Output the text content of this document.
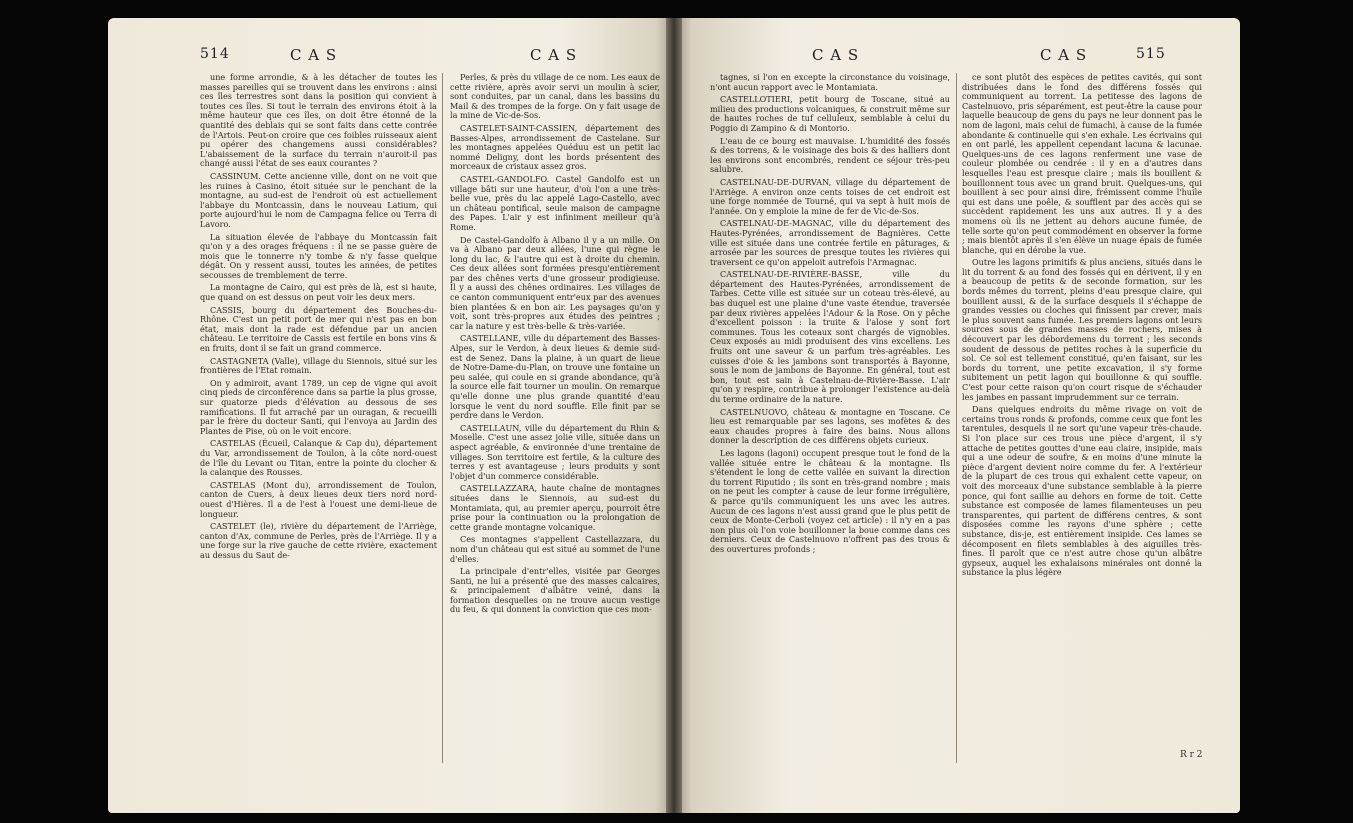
514	C A S	C A S	C A S	C A S	515

une forme arrondie, & à les détacher de toutes les masses pareilles qui se trouvent dans les environs : ainsi ces îles terrestres sont dans la position qui convient à toutes ces îles. Si tout le terrain des environs étoit à la même hauteur que ces îles, on doit être étonné de la quantité des deblais qui se sont faits dans cette contrée de l'Artois. Peut-on croire que ces foibles ruisseaux aient pu opérer des changemens aussi considérables? L'abaissement de la surface du terrain n'auroit-il pas changé aussi l'état de ses eaux courantes ?

CASSINUM. Cette ancienne ville, dont on ne voit que les ruines à Casino, étoit située sur le penchant de la montagne, au sud-est de l'endroit où est actuellement l'abbaye du Montcassin, dans le nouveau Latium, qui porte aujourd'hui le nom de Campagna felice ou Terra di Lavoro.

La situation élevée de l'abbaye du Montcassin fait qu'on y a des orages fréquens : il ne se passe guère de mois que le tonnerre n'y tombe & n'y fasse quelque dégât. On y ressent aussi, toutes les années, de petites secousses de tremblement de terre.

La montagne de Cairo, qui est près de là, est si haute, que quand on est dessus on peut voir les deux mers.

CASSIS, bourg du département des Bouches-du-Rhône. C'est un petit port de mer qui n'est pas en bon état, mais dont la rade est défendue par un ancien château. Le territoire de Cassis est fertile en bons vins & en fruits, dont il se fait un grand commerce.

CASTAGNETA (Valle), village du Siennois, situé sur les frontières de l'Etat romain.

On y admiroit, avant 1789, un cep de vigne qui avoit cinq pieds de circonférence dans sa partie la plus grosse, sur quatorze pieds d'élévation au dessous de ses ramifications. Il fut arraché par un ouragan, & recueilli par le frère du docteur Santi, qui l'envoya au Jardin des Plantes de Pise, où on le voit encore.

CASTELAS (Écueil, Calanque & Cap du), département du Var, arrondissement de Toulon, à la côte nord-ouest de l'île du Levant ou Titan, entre la pointe du clocher & la calanque des Rousses.

CASTELAS (Mont du), arrondissement de Toulon, canton de Cuers, à deux lieues deux tiers nord nord-ouest d'Hières. Il a de l'est à l'ouest une demi-lieue de longueur.

CASTELET (le), rivière du département de l'Arriège, canton d'Ax, commune de Perles, près de l'Arriège. Il y a une forge sur la rive gauche de cette rivière, exactement au dessus du Saut de-

Perles, & près du village de ce nom. Les eaux de cette rivière, après avoir servi un moulin à scier, sont conduites, par un canal, dans les bassins du Mail & des trompes de la forge. On y fait usage de la mine de Vic-de-Sos.

CASTELET-SAINT-CASSIEN, département des Basses-Alpes, arrondissement de Castelane. Sur les montagnes appelées Quéduu est un petit lac nommé Deligny, dont les bords présentent des morceaux de cristaux assez gros.

CASTEL-GANDOLFO. Castel Gandolfo est un village bâti sur une hauteur, d'où l'on a une très-belle vue, près du lac appelé Lago-Castello, avec un château pontifical, seule maison de campagne des Papes. L'air y est infiniment meilleur qu'à Rome.

De Castel-Gandolfo à Albano il y a un mille. On va à Albano par deux allées, l'une qui règne le long du lac, & l'autre qui est à droite du chemin. Ces deux allées sont formées presqu'entièrement par des chênes verts d'une grosseur prodigieuse. Il y a aussi des chênes ordinaires. Les villages de ce canton communiquent entr'eux par des avenues bien plantées & en bon air. Les paysages qu'on y voit, sont très-propres aux études des peintres ; car la nature y est très-belle & très-variée.

CASTELLANE, ville du département des Basses-Alpes, sur le Verdon, à deux lieues & demie sud-est de Senez. Dans la plaine, à un quart de lieue de Notre-Dame-du-Plan, on trouve une fontaine un peu salée, qui coule en si grande abondance, qu'à la source elle fait tourner un moulin. On remarque qu'elle donne une plus grande quantité d'eau lorsque le vent du nord souffle. Elle finit par se perdre dans le Verdon.

CASTELLAUN, ville du département du Rhin & Moselle. C'est une assez jolie ville, située dans un aspect agréable, & environnée d'une trentaine de villages. Son territoire est fertile, & la culture des terres y est avantageuse ; leurs produits y sont l'objet d'un commerce considérable.

CASTELLAZZARA, haute chaîne de montagnes situées dans le Siennois, au sud-est du Montamiata, qui, au premier aperçu, pourroit être prise pour la continuation ou la prolongation de cette grande montagne volcanique.

Ces montagnes s'appellent Castellazzara, du nom d'un château qui est situé au sommet de l'une d'elles.

La principale d'entr'elles, visitée par Georges Santi, ne lui a présenté que des masses calcaires, & principalement d'albâtre veiné, dans la formation desquelles on ne trouve aucun vestige du feu, & qui donnent la conviction que ces mon-

tagnes, si l'on en excepte la circonstance du voisinage, n'ont aucun rapport avec le Montamiata.

CASTELLOTIERI, petit bourg de Toscane, situé au milieu des productions volcaniques, & construit même sur de hautes roches de tuf celluleux, semblable à celui du Poggio di Zampino & di Montorio.

L'eau de ce bourg est mauvaise. L'humidité des fossés & des torrens, & le voisinage des bois & des halliers dont les environs sont encombrés, rendent ce séjour très-peu salubre.

CASTELNAU-DE-DURVAN, village du département de l'Arriège. A environ onze cents toises de cet endroit est une forge nommée de Tourné, qui va sept à huit mois de l'année. On y emploie la mine de fer de Vic-de-Sos.

CASTELNAU-DE-MAGNAC, ville du département des Hautes-Pyrénées, arrondissement de Bagnières. Cette ville est située dans une contrée fertile en pâturages, & arrosée par les sources de presque toutes les rivières qui traversent ce qu'on appeloit autrefois l'Armagnac.

CASTELNAU-DE-RIVIÈRE-BASSE, ville du département des Hautes-Pyrénées, arrondissement de Tarbes. Cette ville est située sur un coteau très-élevé, au bas duquel est une plaine d'une vaste étendue, traversée par deux rivières appelées l'Adour & la Rose. On y pêche d'excellent poisson : la truite & l'alose y sont fort communes. Tous les coteaux sont chargés de vignobles. Ceux exposés au midi produisent des vins excellens. Les fruits ont une saveur & un parfum très-agréables. Les cuisses d'oie & les jambons sont transportés à Bayonne, sous le nom de jambons de Bayonne. En général, tout est bon, tout est sain à Castelnau-de-Rivière-Basse. L'air qu'on y respire, contribue à prolonger l'existence au-delà du terme ordinaire de la nature.

CASTELNUOVO, château & montagne en Toscane. Ce lieu est remarquable par ses lagons, ses mofètes & des eaux chaudes propres à faire des bains. Nous allons donner la description de ces différens objets curieux.

Les lagons (lagoni) occupent presque tout le fond de la vallée située entre le château & la montagne. Ils s'étendent le long de cette vallée en suivant la direction du torrent Riputido ; ils sont en très-grand nombre ; mais on ne peut les compter à cause de leur forme irrégulière, & parce qu'ils communiquent les uns avec les autres. Aucun de ces lagons n'est aussi grand que le plus petit de ceux de Monte-Cerboli (voyez cet article) : il n'y en a pas non plus où l'on voie bouillonner la boue comme dans ces derniers. Ceux de Castelnuovo n'offrent pas des trous & des ouvertures profonds ;

ce sont plutôt des espèces de petites cavités, qui sont distribuées dans le fond des différens fossés qui communiquent au torrent. La petitesse des lagons de Castelnuovo, pris séparément, est peut-être la cause pour laquelle beaucoup de gens du pays ne leur donnent pas le nom de lagoni, mais celui de fumachi, à cause de la fumée abondante & continuelle qui s'en exhale. Les écrivains qui en ont parlé, les appellent cependant lacuna & lacunae. Quelques-uns de ces lagons renferment une vase de couleur plombée ou cendrée : il y en a d'autres dans lesquelles l'eau est presque claire ; mais ils bouillent & bouillonnent tous avec un grand bruit. Quelques-uns, qui bouillent à sec pour ainsi dire, frémissent comme l'huile qui est dans une poêle, & soufflent par des accès qui se succèdent rapidement les uns aux autres. Il y a des momens où ils ne jettent au dehors aucune fumée, de telle sorte qu'on peut commodément en observer la forme ; mais bientôt après il s'en élève un nuage épais de fumée blanche, qui en dérobe la vue.

Outre les lagons primitifs & plus anciens, situés dans le lit du torrent & au fond des fossés qui en dérivent, il y en a beaucoup de petits & de seconde formation, sur les bords mêmes du torrent, pleins d'eau presque claire, qui bouillent aussi, & de la surface desquels il s'échappe de grandes vessies ou cloches qui finissent par crever, mais le plus souvent sans fumée. Les premiers lagons ont leurs sources sous de grandes masses de rochers, mises à découvert par les débordemens du torrent ; les seconds soudent de dessous de petites roches à la superficie du sol. Ce sol est tellement constitué, qu'en faisant, sur les bords du torrent, une petite excavation, il s'y forme subitement un petit lagon qui bouillonne & qui souffle. C'est pour cette raison qu'on court risque de s'échauder les jambes en passant imprudemment sur ce terrain.

Dans quelques endroits du même rivage on voit de certains trous ronds & profonds, comme ceux que font les tarentules, desquels il ne sort qu'une vapeur très-chaude. Si l'on place sur ces trous une pièce d'argent, il s'y attache de petites gouttes d'une eau claire, insipide, mais qui a une odeur de soufre, & en moins d'une minute la pièce d'argent devient noire comme du fer. A l'extérieur de la plupart de ces trous qui exhalent cette vapeur, on voit des morceaux d'une substance semblable à la pierre ponce, qui font saillie au dehors en forme de toit. Cette substance est composée de lames filamenteuses un peu transparentes, qui partent de différens centres, & sont disposées comme les rayons d'une sphère ; cette substance, dis-je, est entièrement insipide. Ces lames se décomposent en filets semblables à des aiguilles très-fines. Il paroît que ce n'est autre chose qu'un albâtre gypseux, auquel les exhalaisons minérales ont donné la substance la plus légère

R r 2
